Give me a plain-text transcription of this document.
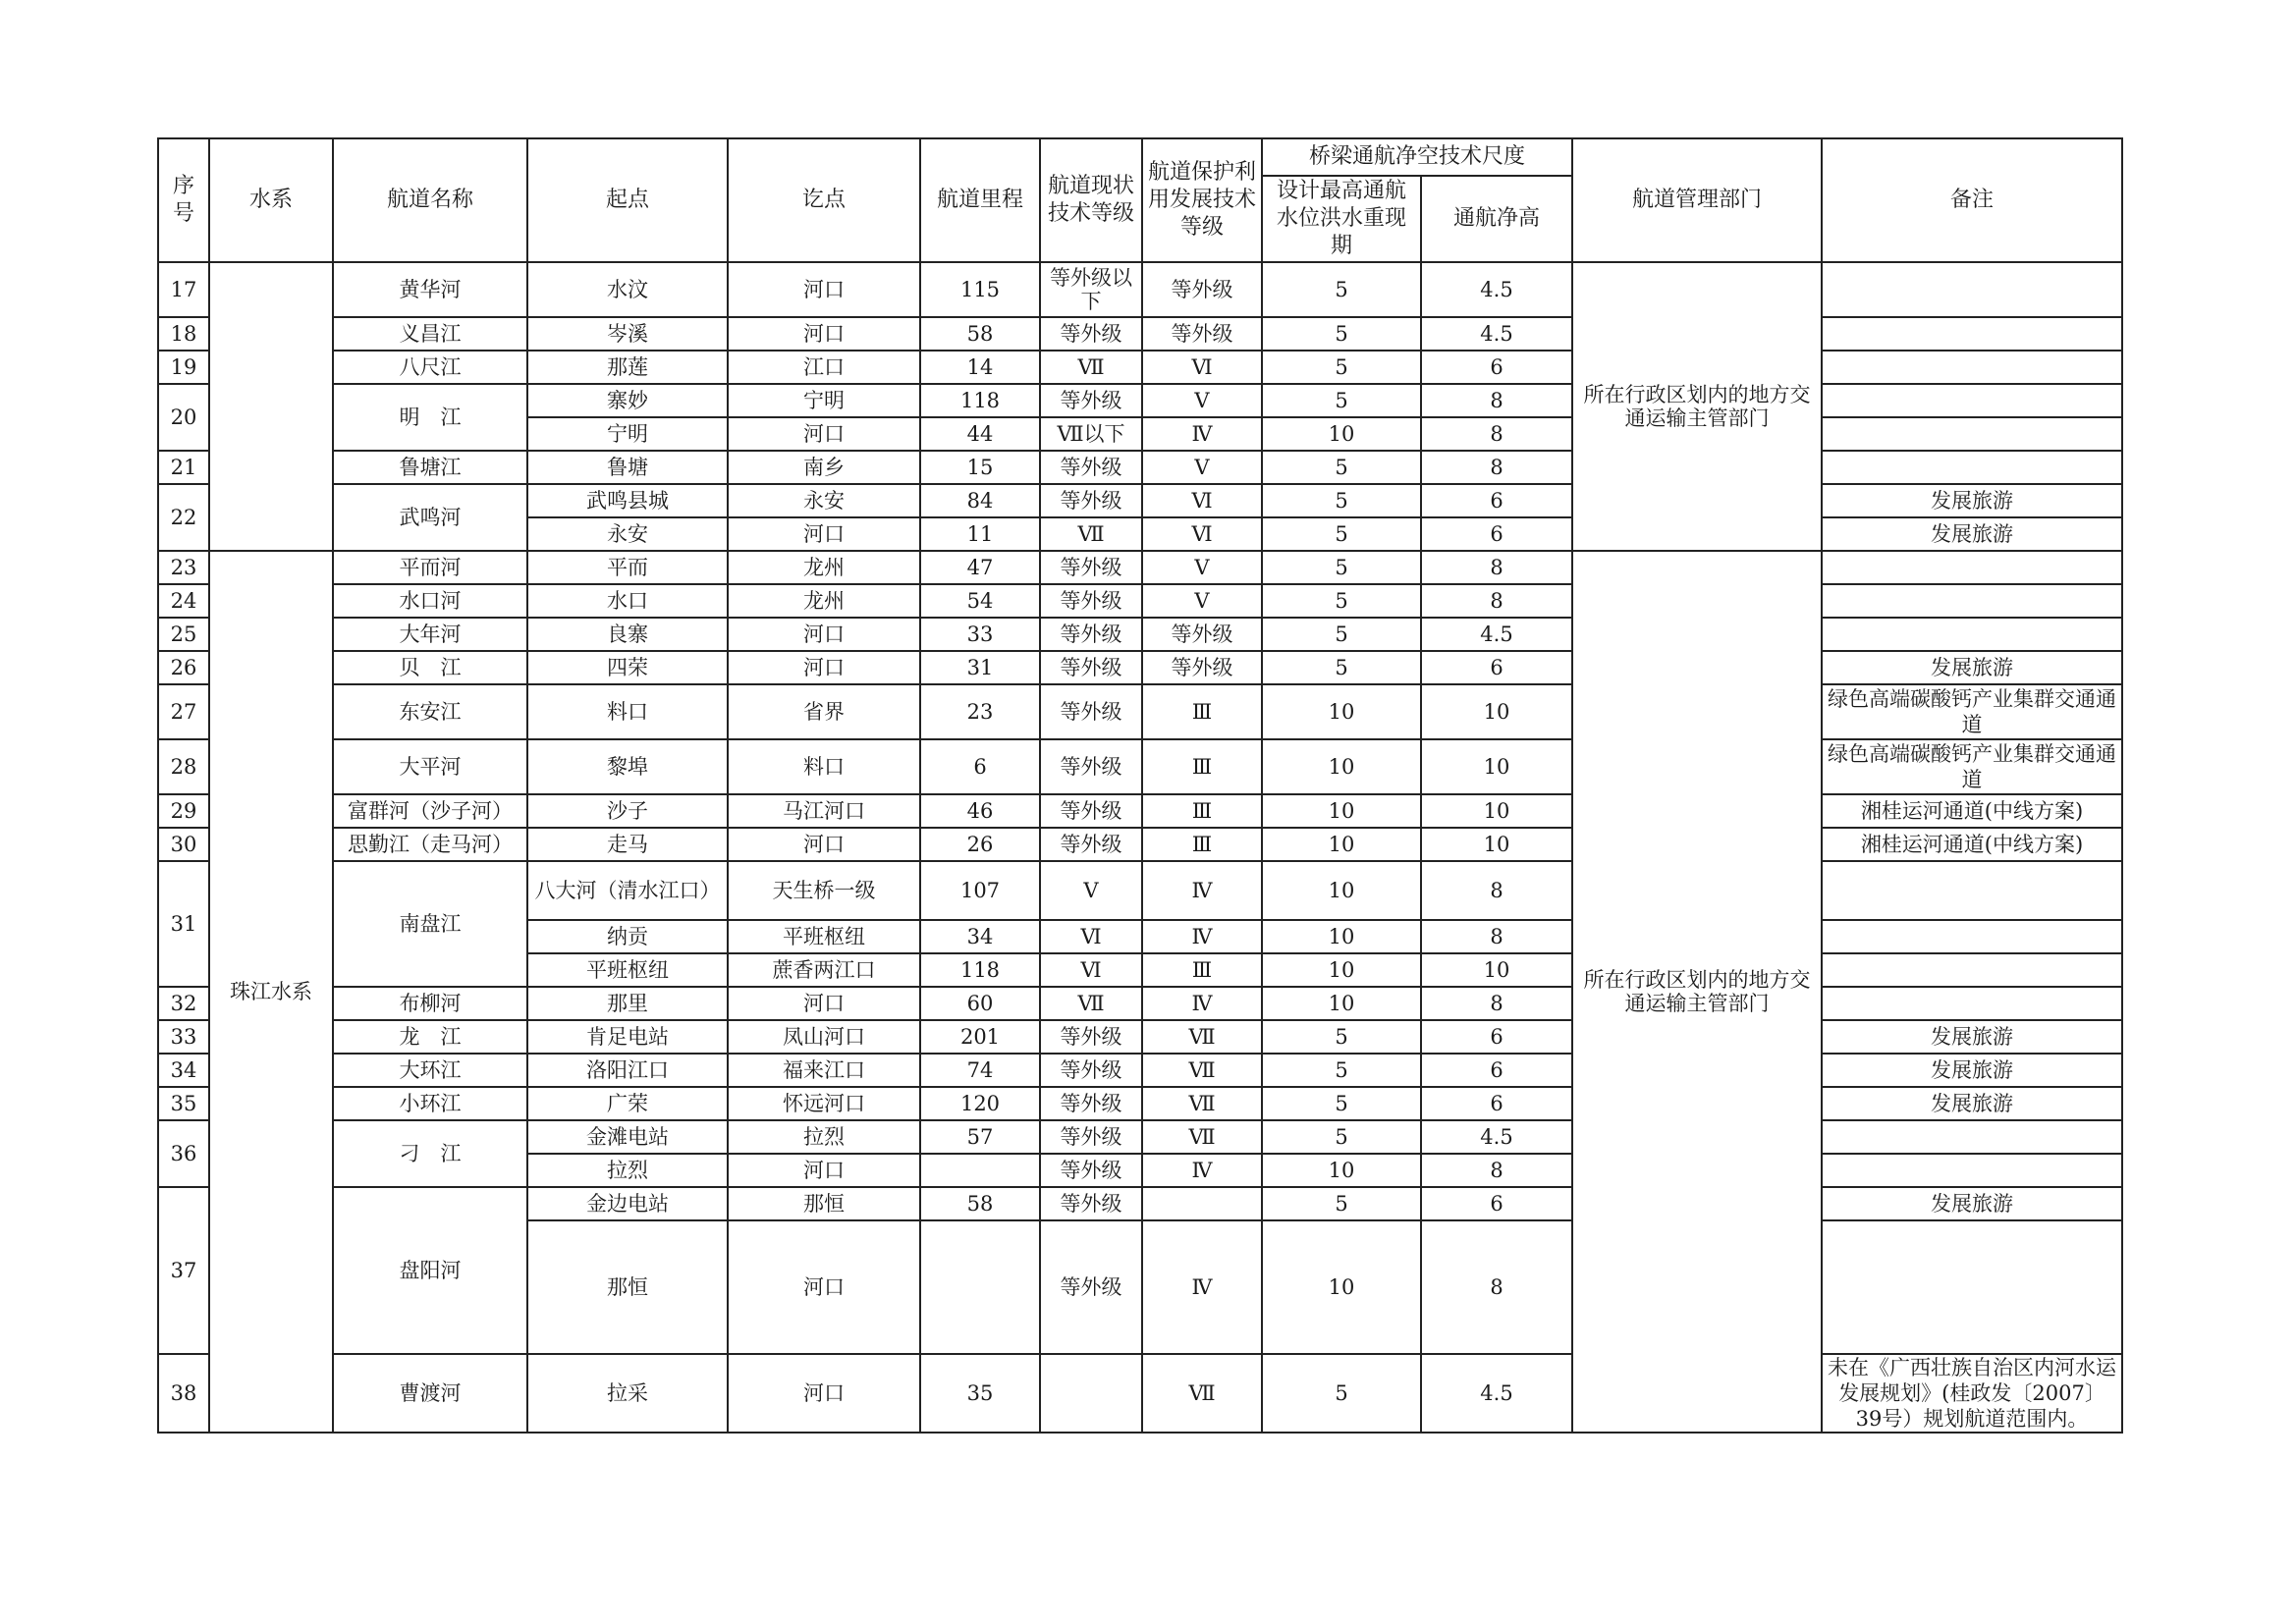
序号	水系	航道名称	起点	讫点	航道里程	航道现状技术等级	航道保护利用发展技术等级	桥梁通航净空技术尺度		航道管理部门	备注
								设计最高通航水位洪水重现期	通航净高		
17		黄华河	水汶	河口	115	等外级以下	等外级	5	4.5	所在行政区划内的地方交通运输主管部门	
18		义昌江	岑溪	河口	58	等外级	等外级	5	4.5		
19		八尺江	那莲	江口	14	Ⅶ	Ⅵ	5	6		
20		明　江	寨妙	宁明	118	等外级	Ⅴ	5	8		
			宁明	河口	44	Ⅶ以下	Ⅳ	10	8		
21		鲁塘江	鲁塘	南乡	15	等外级	Ⅴ	5	8		
22		武鸣河	武鸣县城	永安	84	等外级	Ⅵ	5	6		发展旅游
			永安	河口	11	Ⅶ	Ⅵ	5	6		发展旅游
23	珠江水系	平而河	平而	龙州	47	等外级	Ⅴ	5	8	所在行政区划内的地方交通运输主管部门	
24		水口河	水口	龙州	54	等外级	Ⅴ	5	8		
25		大年河	良寨	河口	33	等外级	等外级	5	4.5		
26		贝　江	四荣	河口	31	等外级	等外级	5	6		发展旅游
27		东安江	料口	省界	23	等外级	Ⅲ	10	10		绿色高端碳酸钙产业集群交通通道
28		大平河	黎埠	料口	6	等外级	Ⅲ	10	10		绿色高端碳酸钙产业集群交通通道
29		富群河（沙子河）	沙子	马江河口	46	等外级	Ⅲ	10	10		湘桂运河通道(中线方案)
30		思勤江（走马河）	走马	河口	26	等外级	Ⅲ	10	10		湘桂运河通道(中线方案)
31		南盘江	八大河（清水江口）	天生桥一级	107	Ⅴ	Ⅳ	10	8		
			纳贡	平班枢纽	34	Ⅵ	Ⅳ	10	8		
			平班枢纽	蔗香两江口	118	Ⅵ	Ⅲ	10	10		
32		布柳河	那里	河口	60	Ⅶ	Ⅳ	10	8		
33		龙　江	肯足电站	凤山河口	201	等外级	Ⅶ	5	6		发展旅游
34		大环江	洛阳江口	福来江口	74	等外级	Ⅶ	5	6		发展旅游
35		小环江	广荣	怀远河口	120	等外级	Ⅶ	5	6		发展旅游
36		刁　江	金滩电站	拉烈	57	等外级	Ⅶ	5	4.5		
			拉烈	河口		等外级	Ⅳ	10	8		
37		盘阳河	金边电站	那恒	58	等外级		5	6		发展旅游
			那恒	河口		等外级	Ⅳ	10	8		
38		曹渡河	拉采	河口	35		Ⅶ	5	4.5		未在《广西壮族自治区内河水运发展规划》(桂政发〔2007〕39号）规划航道范围内。
